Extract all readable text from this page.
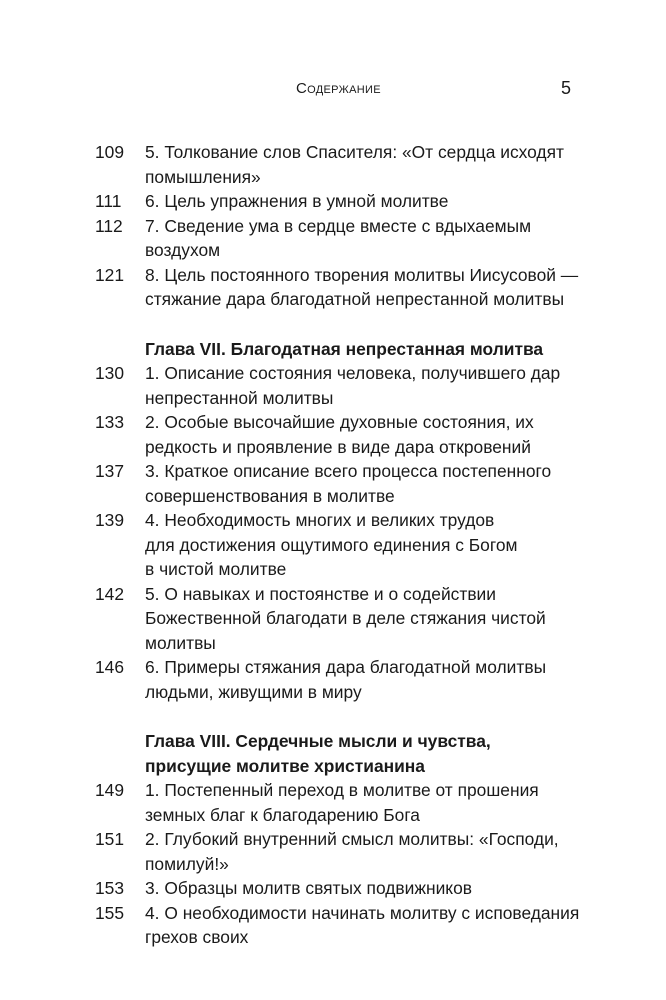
Содержание	5
109	5. Толкование слов Спасителя: «От сердца исходят
помышления»
111	6. Цель упражнения в умной молитве
112	7. Сведение ума в сердце вместе с вдыхаемым воздухом
121	8. Цель постоянного творения молитвы Иисусовой —
стяжание дара благодатной непрестанной молитвы
Глава VII. Благодатная непрестанная молитва
130	1. Описание состояния человека, получившего дар
непрестанной молитвы
133	2. Особые высочайшие духовные состояния, их
редкость и проявление в виде дара откровений
137	3. Краткое описание всего процесса постепенного
совершенствования в молитве
139	4. Необходимость многих и великих трудов
для достижения ощутимого единения с Богом
в чистой молитве
142	5. О навыках и постоянстве и о содействии
Божественной благодати в деле стяжания чистой
молитвы
146	6. Примеры стяжания дара благодатной молитвы
людьми, живущими в миру
Глава VIII. Сердечные мысли и чувства,
присущие молитве христианина
149	1. Постепенный переход в молитве от прошения
земных благ к благодарению Бога
151	2. Глубокий внутренний смысл молитвы: «Господи,
помилуй!»
153	3. Образцы молитв святых подвижников
155	4. О необходимости начинать молитву с исповедания
грехов своих
